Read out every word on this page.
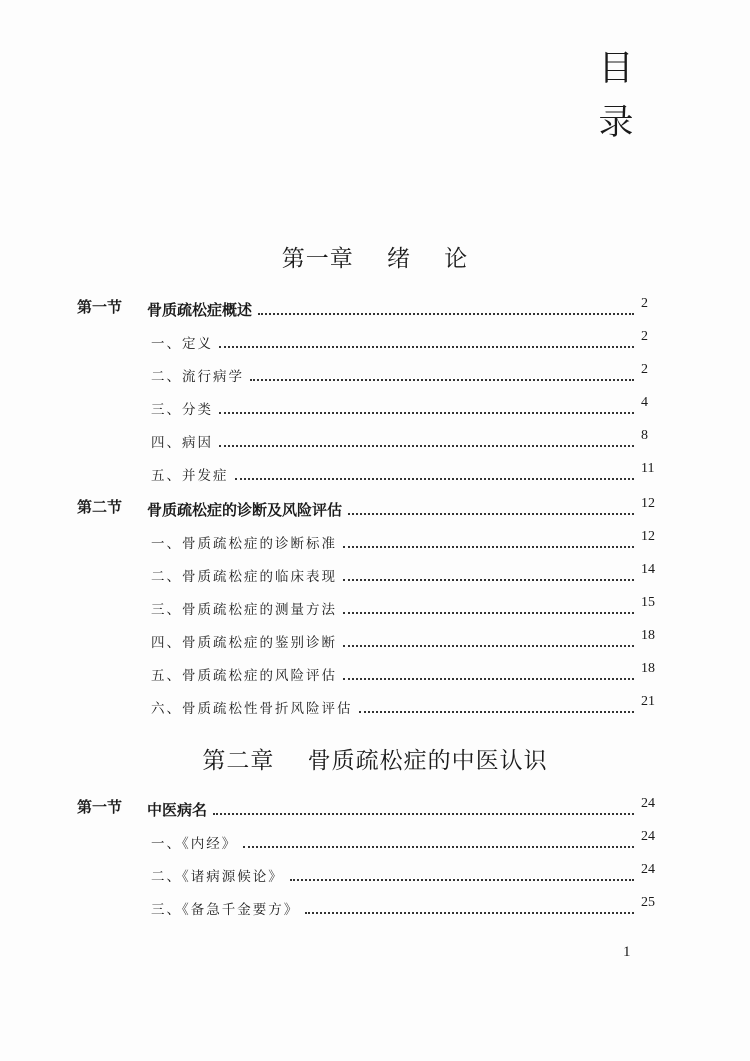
目
录
第一章    绪    论
第一节 骨质疏松症概述	2
一、定义	2
二、流行病学	2
三、分类	4
四、病因	8
五、并发症	11
第二节 骨质疏松症的诊断及风险评估	12
一、骨质疏松症的诊断标准	12
二、骨质疏松症的临床表现	14
三、骨质疏松症的测量方法	15
四、骨质疏松症的鉴别诊断	18
五、骨质疏松症的风险评估	18
六、骨质疏松性骨折风险评估	21
第二章    骨质疏松症的中医认识
第一节 中医病名	24
一、《内经》	24
二、《诸病源候论》	24
三、《备急千金要方》	25
1
